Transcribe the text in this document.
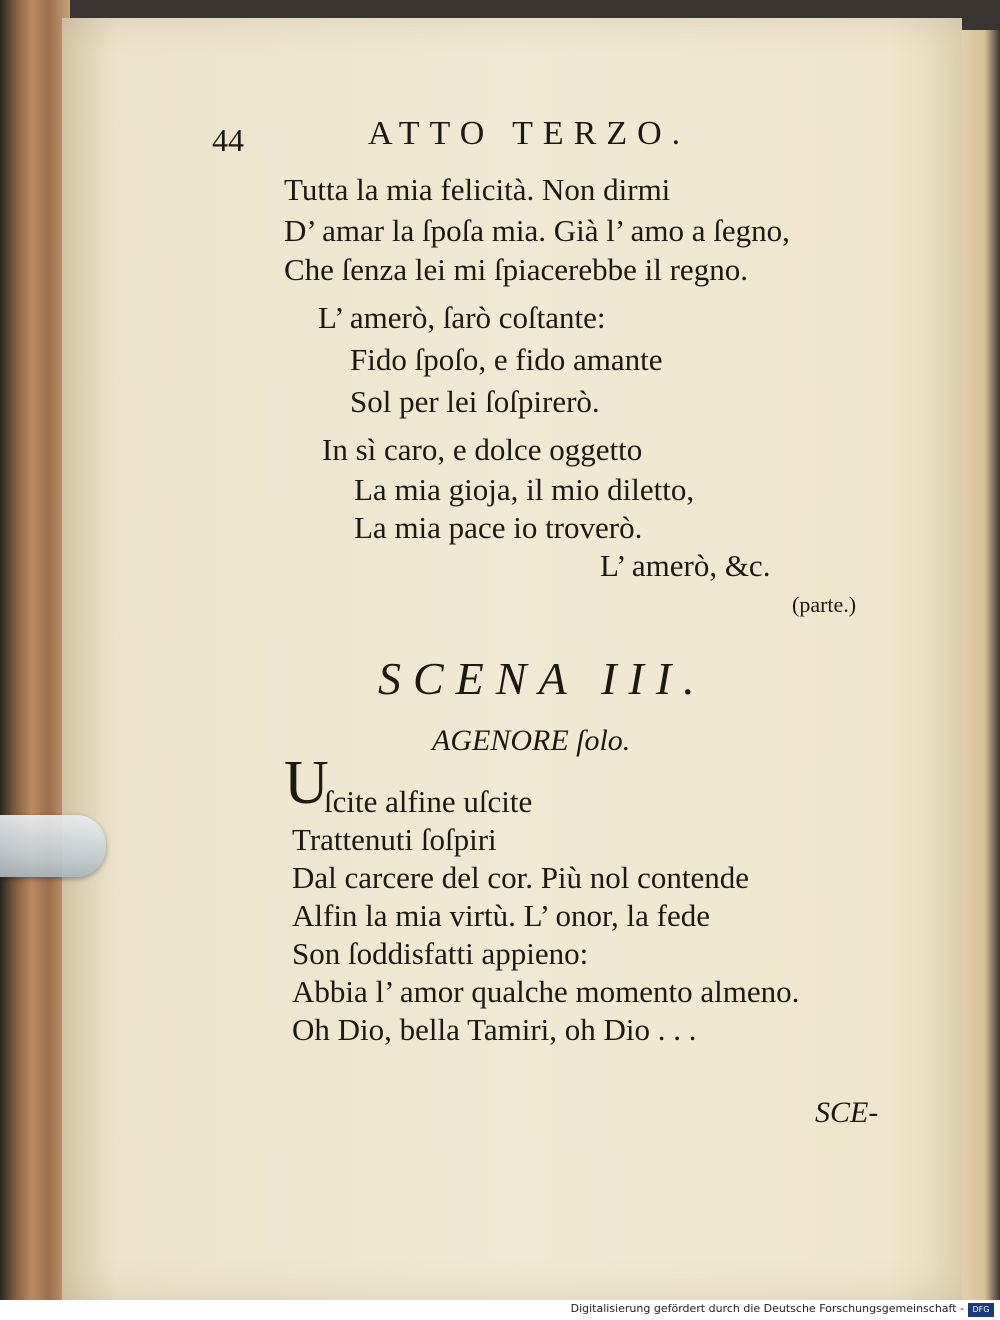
44	ATTO TERZO.
Tutta la mia felicità. Non dirmi
D’ amar la ſpoſa mia. Già l’ amo a ſegno,
Che ſenza lei mi ſpiacerebbe il regno.
L’ amerò, ſarò coſtante:
Fido ſpoſo, e fido amante
Sol per lei ſoſpirerò.
In sì caro, e dolce oggetto
La mia gioja, il mio diletto,
La mia pace io troverò.
L’ amerò, &c.
(parte.)
SCENA III.
AGENORE ſolo.
U
ſcite alfine uſcite
Trattenuti ſoſpiri
Dal carcere del cor. Più nol contende
Alfin la mia virtù. L’ onor, la fede
Son ſoddisfatti appieno:
Abbia l’ amor qualche momento almeno.
Oh Dio, bella Tamiri, oh Dio . . .
SCE-
Digitalisierung gefördert durch die Deutsche Forschungsgemeinschaft -	DFG
